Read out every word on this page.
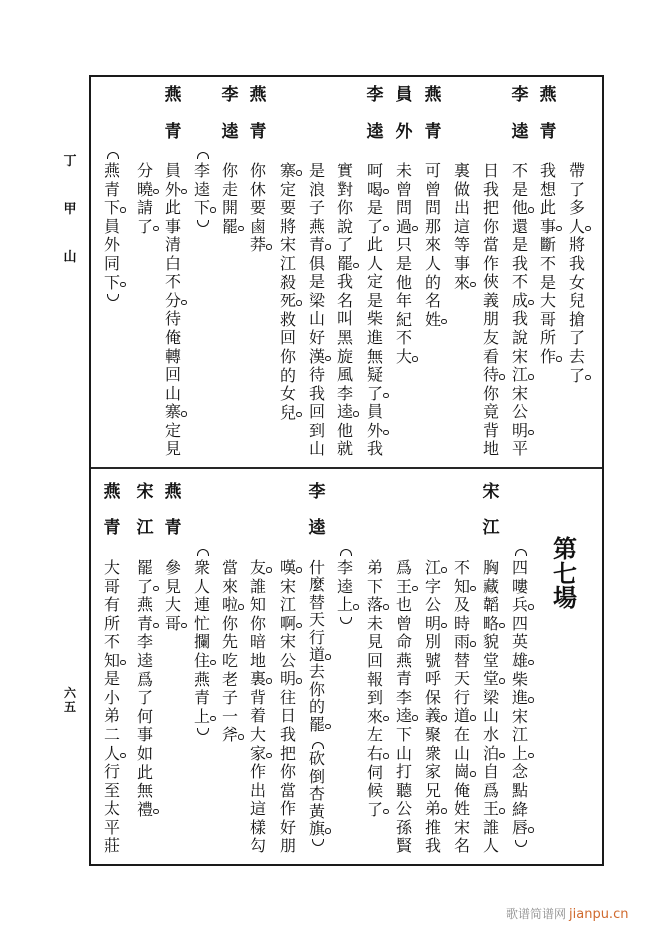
丁
甲
山
六
五
帶
了
多
人
將
我
女
兒
搶
了
去
了
燕
青
我
想
此
事
斷
不
是
大
哥
所
作
李
逵
不
是
他
還
是
我
不
成
我
說
宋
江
宋
公
明
平
日
我
把
你
當
作
俠
義
朋
友
看
待
你
竟
背
地
裏
做
出
這
等
事
來
燕
青
可
曾
問
那
來
人
的
名
姓
員
外
未
曾
問
過
只
是
他
年
紀
不
大
李
逵
呵
喝
是
了
此
人
定
是
柴
進
無
疑
了
員
外
我
實
對
你
說
了
罷
我
名
叫
黑
旋
風
李
逵
他
就
是
浪
子
燕
青
俱
是
梁
山
好
漢
待
我
回
到
山
寨
定
要
將
宋
江
殺
死
救
回
你
的
女
兒
燕
青
你
休
要
鹵
莽
李
逵
你
走
開
罷
李
逵
下
燕
青
員
外
此
事
清
白
不
分
待
俺
轉
回
山
寨
定
見
分
曉
請
了
燕
青
下
員
外
同
下
第
七
場
四
嘍
兵
四
英
雄
柴
進
宋
江
上
念
點
絳
唇
宋
江
胸
藏
韜
略
貌
堂
堂
梁
山
水
泊
自
爲
王
誰
人
不
知
及
時
雨
替
天
行
道
在
山
崗
俺
姓
宋
名
江
字
公
明
別
號
呼
保
義
聚
衆
家
兄
弟
推
我
爲
王
也
曾
命
燕
青
李
逵
下
山
打
聽
公
孫
賢
弟
下
落
未
見
回
報
到
來
左
右
伺
候
了
李
逵
上
李
逵
什
麼
替
天
行
道
去
你
的
罷
砍
倒
杏
黃
旗
嘆
宋
江
啊
宋
公
明
往
日
我
把
你
當
作
好
朋
友
誰
知
你
暗
地
裏
背
着
大
家
作
出
這
樣
勾
當
來
啦
你
先
吃
老
子
一
斧
衆
人
連
忙
攔
住
燕
青
上
燕
青
參
見
大
哥
宋
江
罷
了
燕
青
李
逵
爲
了
何
事
如
此
無
禮
燕
青
大
哥
有
所
不
知
是
小
弟
二
人
行
至
太
平
莊
歌谱简谱网 jianpu.cn
